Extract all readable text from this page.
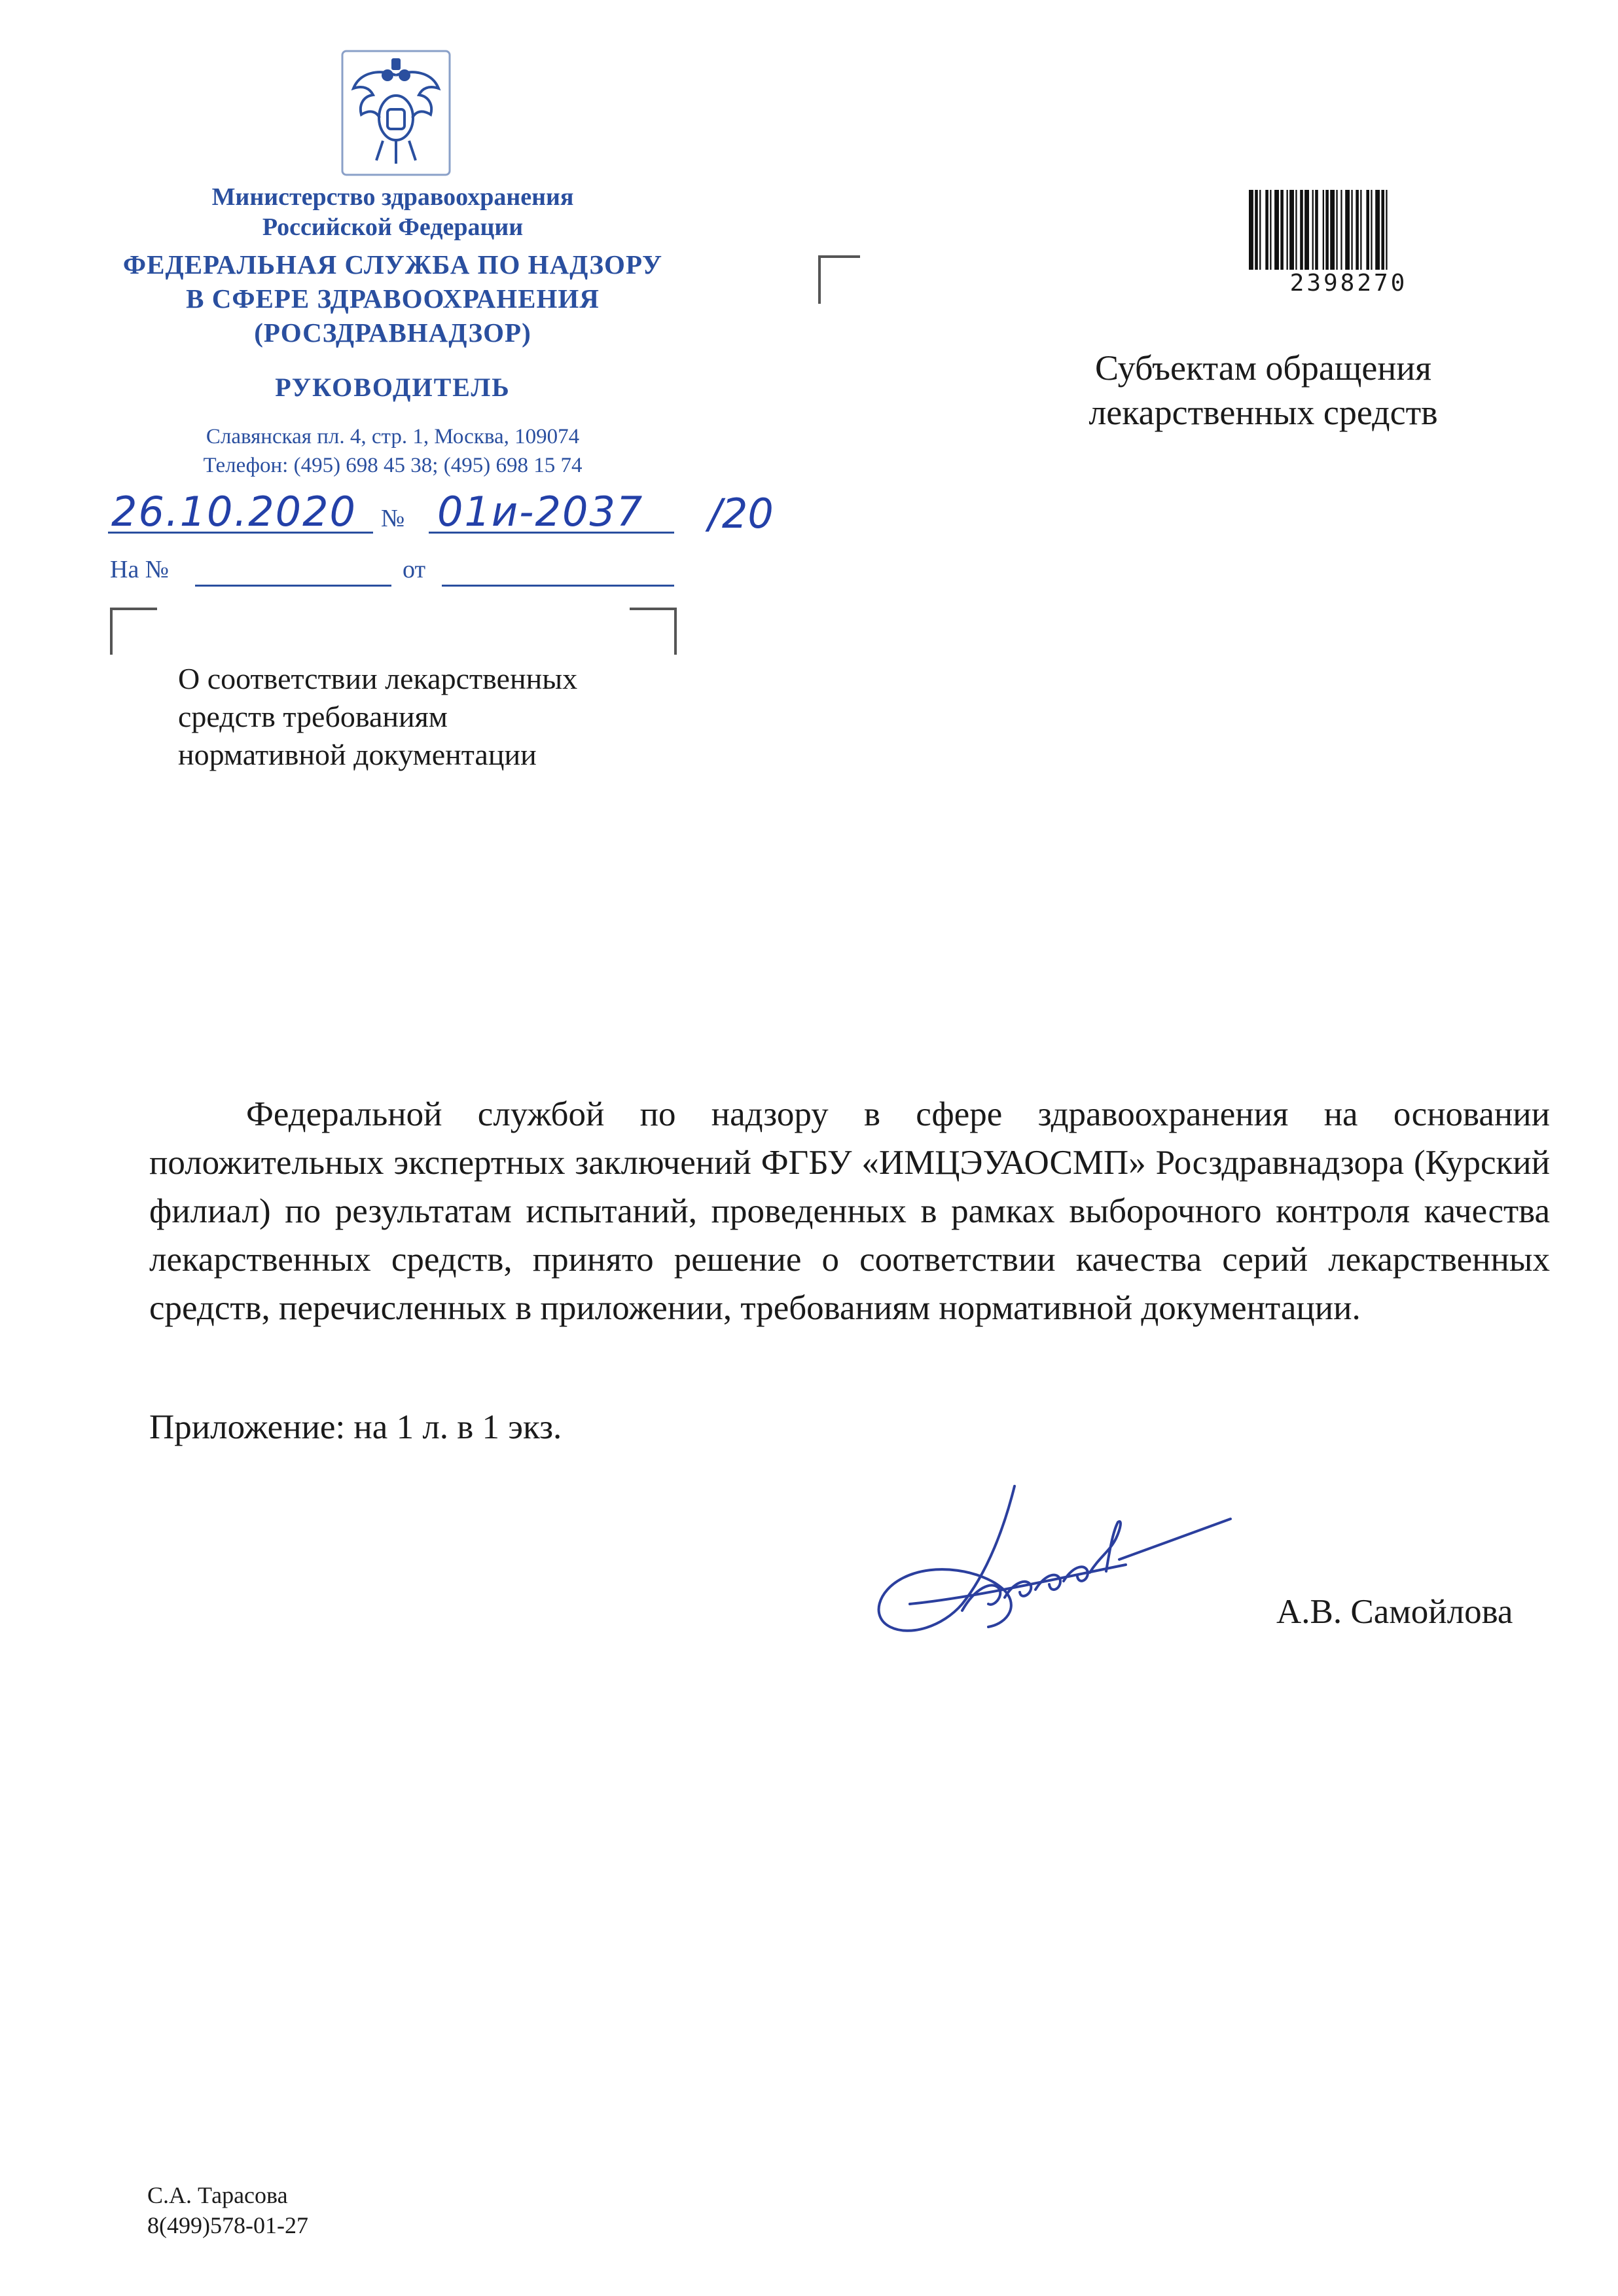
Министерство здравоохранения
Российской Федерации
ФЕДЕРАЛЬНАЯ СЛУЖБА ПО НАДЗОРУ
В СФЕРЕ ЗДРАВООХРАНЕНИЯ
(РОСЗДРАВНАДЗОР)
РУКОВОДИТЕЛЬ
Славянская пл. 4, стр. 1, Москва, 109074
Телефон: (495) 698 45 38; (495) 698 15 74
26.10.2020 № 01и-2037 /20
На №	от
О соответствии лекарственных
средств требованиям
нормативной документации
2398270
Субъектам обращения
лекарственных средств
Федеральной службой по надзору в сфере здравоохранения на основании положительных экспертных заключений ФГБУ «ИМЦЭУАОСМП» Росздравнадзора (Курский филиал) по результатам испытаний, проведенных в рамках выборочного контроля качества лекарственных средств, принято решение о соответствии качества серий лекарственных средств, перечисленных в приложении, требованиям нормативной документации.
Приложение: на 1 л. в 1 экз.
А.В. Самойлова
С.А. Тарасова
8(499)578-01-27
